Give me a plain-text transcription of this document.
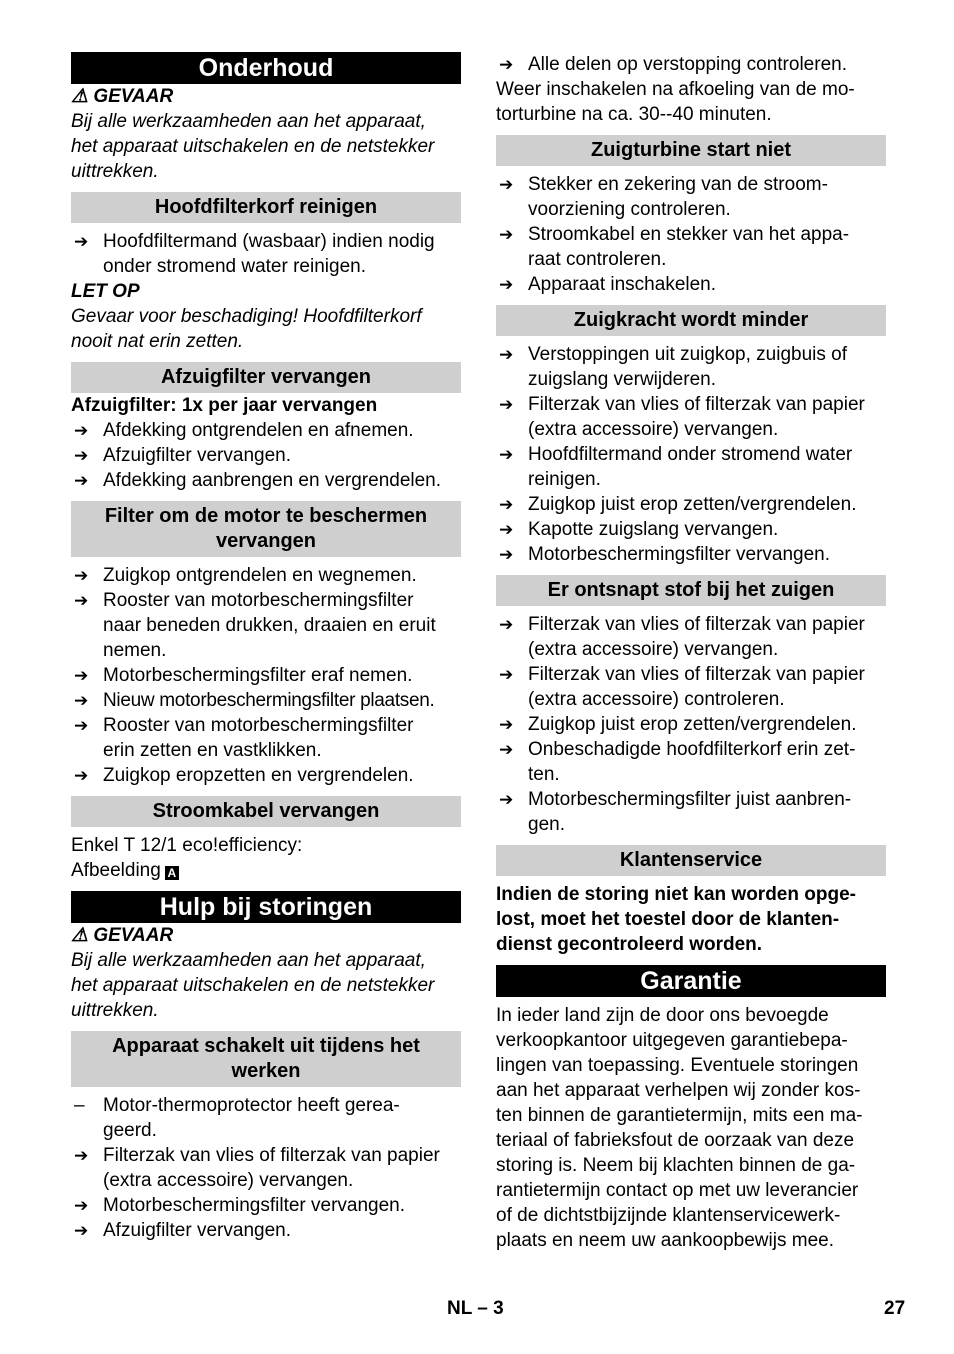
Onderhoud
⚠ GEVAAR
Bij alle werkzaamheden aan het apparaat,
het apparaat uitschakelen en de netstekker
uittrekken.
Hoofdfilterkorf reinigen
➔ Hoofdfiltermand (wasbaar) indien nodig
onder stromend water reinigen.
LET OP
Gevaar voor beschadiging! Hoofdfilterkorf
nooit nat erin zetten.
Afzuigfilter vervangen
Afzuigfilter: 1x per jaar vervangen
➔ Afdekking ontgrendelen en afnemen.
➔ Afzuigfilter vervangen.
➔ Afdekking aanbrengen en vergrendelen.
Filter om de motor te beschermen
vervangen
➔ Zuigkop ontgrendelen en wegnemen.
➔ Rooster van motorbeschermingsfilter
naar beneden drukken, draaien en eruit
nemen.
➔ Motorbeschermingsfilter eraf nemen.
➔ Nieuw motorbeschermingsfilter plaatsen.
➔ Rooster van motorbeschermingsfilter
erin zetten en vastklikken.
➔ Zuigkop eropzetten en vergrendelen.
Stroomkabel vervangen
Enkel T 12/1 eco!efficiency:
Afbeelding A
Hulp bij storingen
⚠ GEVAAR
Bij alle werkzaamheden aan het apparaat,
het apparaat uitschakelen en de netstekker
uittrekken.
Apparaat schakelt uit tijdens het
werken
– Motor-thermoprotector heeft gerea-
geerd.
➔ Filterzak van vlies of filterzak van papier
(extra accessoire) vervangen.
➔ Motorbeschermingsfilter vervangen.
➔ Afzuigfilter vervangen.
➔ Alle delen op verstopping controleren.
Weer inschakelen na afkoeling van de mo-
torturbine na ca. 30--40 minuten.
Zuigturbine start niet
➔ Stekker en zekering van de stroom-
voorziening controleren.
➔ Stroomkabel en stekker van het appa-
raat controleren.
➔ Apparaat inschakelen.
Zuigkracht wordt minder
➔ Verstoppingen uit zuigkop, zuigbuis of
zuigslang verwijderen.
➔ Filterzak van vlies of filterzak van papier
(extra accessoire) vervangen.
➔ Hoofdfiltermand onder stromend water
reinigen.
➔ Zuigkop juist erop zetten/vergrendelen.
➔ Kapotte zuigslang vervangen.
➔ Motorbeschermingsfilter vervangen.
Er ontsnapt stof bij het zuigen
➔ Filterzak van vlies of filterzak van papier
(extra accessoire) vervangen.
➔ Filterzak van vlies of filterzak van papier
(extra accessoire) controleren.
➔ Zuigkop juist erop zetten/vergrendelen.
➔ Onbeschadigde hoofdfilterkorf erin zet-
ten.
➔ Motorbeschermingsfilter juist aanbren-
gen.
Klantenservice
Indien de storing niet kan worden opge-
lost, moet het toestel door de klanten-
dienst gecontroleerd worden.
Garantie
In ieder land zijn de door ons bevoegde
verkoopkantoor uitgegeven garantiebepa-
lingen van toepassing. Eventuele storingen
aan het apparaat verhelpen wij zonder kos-
ten binnen de garantietermijn, mits een ma-
teriaal of fabrieksfout de oorzaak van deze
storing is. Neem bij klachten binnen de ga-
rantietermijn contact op met uw leverancier
of de dichtstbijzijnde klantenservicewerk-
plaats en neem uw aankoopbewijs mee.
NL – 3	27
